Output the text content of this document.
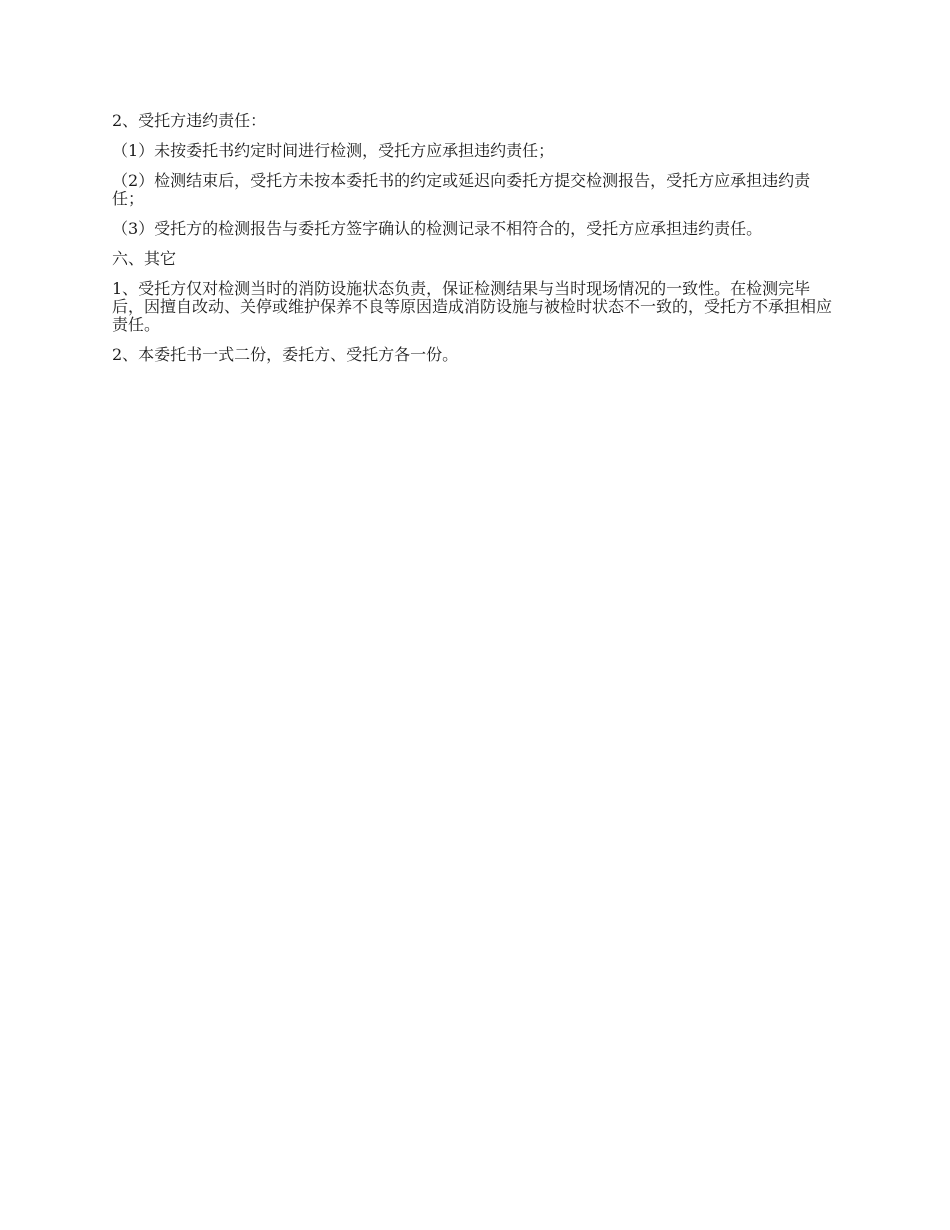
2、受托方违约责任：

（1）未按委托书约定时间进行检测，受托方应承担违约责任；

（2）检测结束后，受托方未按本委托书的约定或延迟向委托方提交检测报告，受托方应承担违约责任；

（3）受托方的检测报告与委托方签字确认的检测记录不相符合的，受托方应承担违约责任。

六、其它

1、受托方仅对检测当时的消防设施状态负责，保证检测结果与当时现场情况的一致性。在检测完毕后，因擅自改动、关停或维护保养不良等原因造成消防设施与被检时状态不一致的，受托方不承担相应责任。

2、本委托书一式二份，委托方、受托方各一份。
